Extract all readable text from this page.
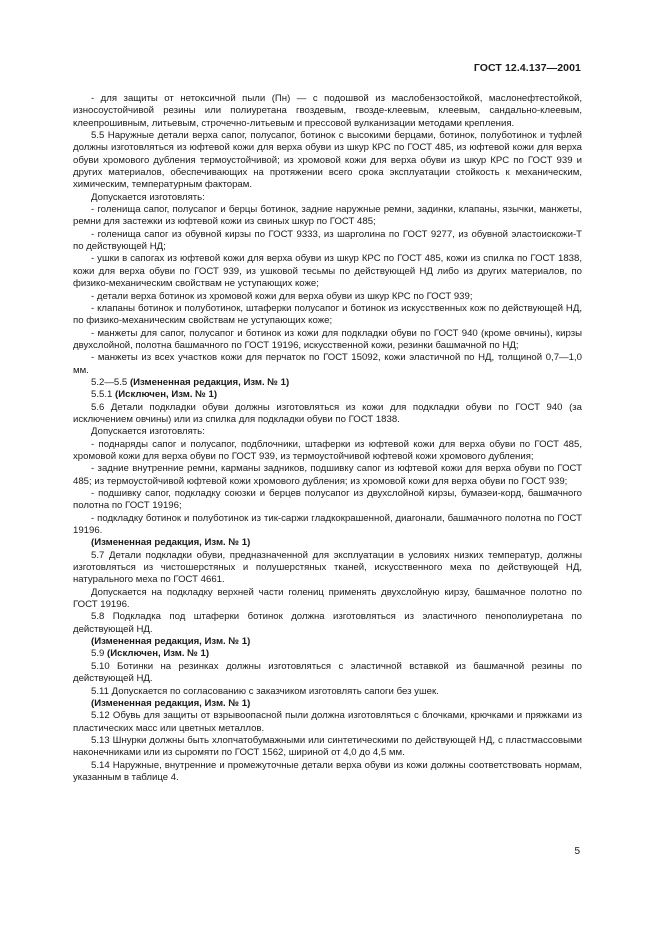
ГОСТ 12.4.137—2001

- для защиты от нетоксичной пыли (Пн) — с подошвой из маслобензостойкой, маслонефтестойкой, износоустойчивой резины или полиуретана гвоздевым, гвоздe-клеевым, клеевым, сандально-клеевым, клеепрошивным, литьевым, строчечно-литьевым и прессовой вулканизации методами крепления.

5.5 Наружные детали верха сапог, полусапог, ботинок с высокими берцами, ботинок, полуботинок и туфлей должны изготовляться из юфтевой кожи для верха обуви из шкур КРС по ГОСТ 485, из юфтевой кожи для верха обуви хромового дубления термоустойчивой; из хромовой кожи для верха обуви из шкур КРС по ГОСТ 939 и других материалов, обеспечивающих на протяжении всего срока эксплуатации стойкость к механическим, химическим, температурным факторам.

Допускается изготовлять:

- голенища сапог, полусапог и берцы ботинок, задние наружные ремни, задинки, клапаны, язычки, манжеты, ремни для застежки из юфтевой кожи из свиных шкур по ГОСТ 485;

- голенища сапог из обувной кирзы по ГОСТ 9333, из шарголина по ГОСТ 9277, из обувной эластоискожи-Т по действующей НД;

- ушки в сапогах из юфтевой кожи для верха обуви из шкур КРС по ГОСТ 485, кожи из спилка по ГОСТ 1838, кожи для верха обуви по ГОСТ 939, из ушковой тесьмы по действующей НД либо из других материалов, по физико-механическим свойствам не уступающих коже;

- детали верха ботинок из хромовой кожи для верха обуви из шкур КРС по ГОСТ 939;

- клапаны ботинок и полуботинок, штаферки полусапог и ботинок из искусственных кож по действующей НД, по физико-механическим свойствам не уступающих коже;

- манжеты для сапог, полусапог и ботинок из кожи для подкладки обуви по ГОСТ 940 (кроме овчины), кирзы двухслойной, полотна башмачного по ГОСТ 19196, искусственной кожи, резинки башмачной по НД;

- манжеты из всех участков кожи для перчаток по ГОСТ 15092, кожи эластичной по НД, толщиной 0,7—1,0 мм.

5.2—5.5 (Измененная редакция, Изм. № 1)

5.5.1 (Исключен, Изм. № 1)

5.6 Детали подкладки обуви должны изготовляться из кожи для подкладки обуви по ГОСТ 940 (за исключением овчины) или из спилка для подкладки обуви по ГОСТ 1838.

Допускается изготовлять:

- поднаряды сапог и полусапог, подблочники, штаферки из юфтевой кожи для верха обуви по ГОСТ 485, хромовой кожи для верха обуви по ГОСТ 939, из термоустойчивой юфтевой кожи хромового дубления;

- задние внутренние ремни, карманы задников, подшивку сапог из юфтевой кожи для верха обуви по ГОСТ 485; из термоустойчивой юфтевой кожи хромового дубления; из хромовой кожи для верха обуви по ГОСТ 939;

- подшивку сапог, подкладку союзки и берцев полусапог из двухслойной кирзы, бумазеи-корд, башмачного полотна по ГОСТ 19196;

- подкладку ботинок и полуботинок из тик-саржи гладкокрашенной, диагонали, башмачного полотна по ГОСТ 19196.

(Измененная редакция, Изм. № 1)

5.7 Детали подкладки обуви, предназначенной для эксплуатации в условиях низких температур, должны изготовляться из чистошерстяных и полушерстяных тканей, искусственного меха по действующей НД, натурального меха по ГОСТ 4661.

Допускается на подкладку верхней части голениц применять двухслойную кирзу, башмачное полотно по ГОСТ 19196.

5.8 Подкладка под штаферки ботинок должна изготовляться из эластичного пенополиуретана по действующей НД.

(Измененная редакция, Изм. № 1)

5.9 (Исключен, Изм. № 1)

5.10 Ботинки на резинках должны изготовляться с эластичной вставкой из башмачной резины по действующей НД.

5.11 Допускается по согласованию с заказчиком изготовлять сапоги без ушек.

(Измененная редакция, Изм. № 1)

5.12 Обувь для защиты от взрывоопасной пыли должна изготовляться с блочками, крючками и пряжками из пластических масс или цветных металлов.

5.13 Шнурки должны быть хлопчатобумажными или синтетическими по действующей НД, с пластмассовыми наконечниками или из сыромяти по ГОСТ 1562, шириной от 4,0 до 4,5 мм.

5.14 Наружные, внутренние и промежуточные детали верха обуви из кожи должны соответствовать нормам, указанным в таблице 4.

5
